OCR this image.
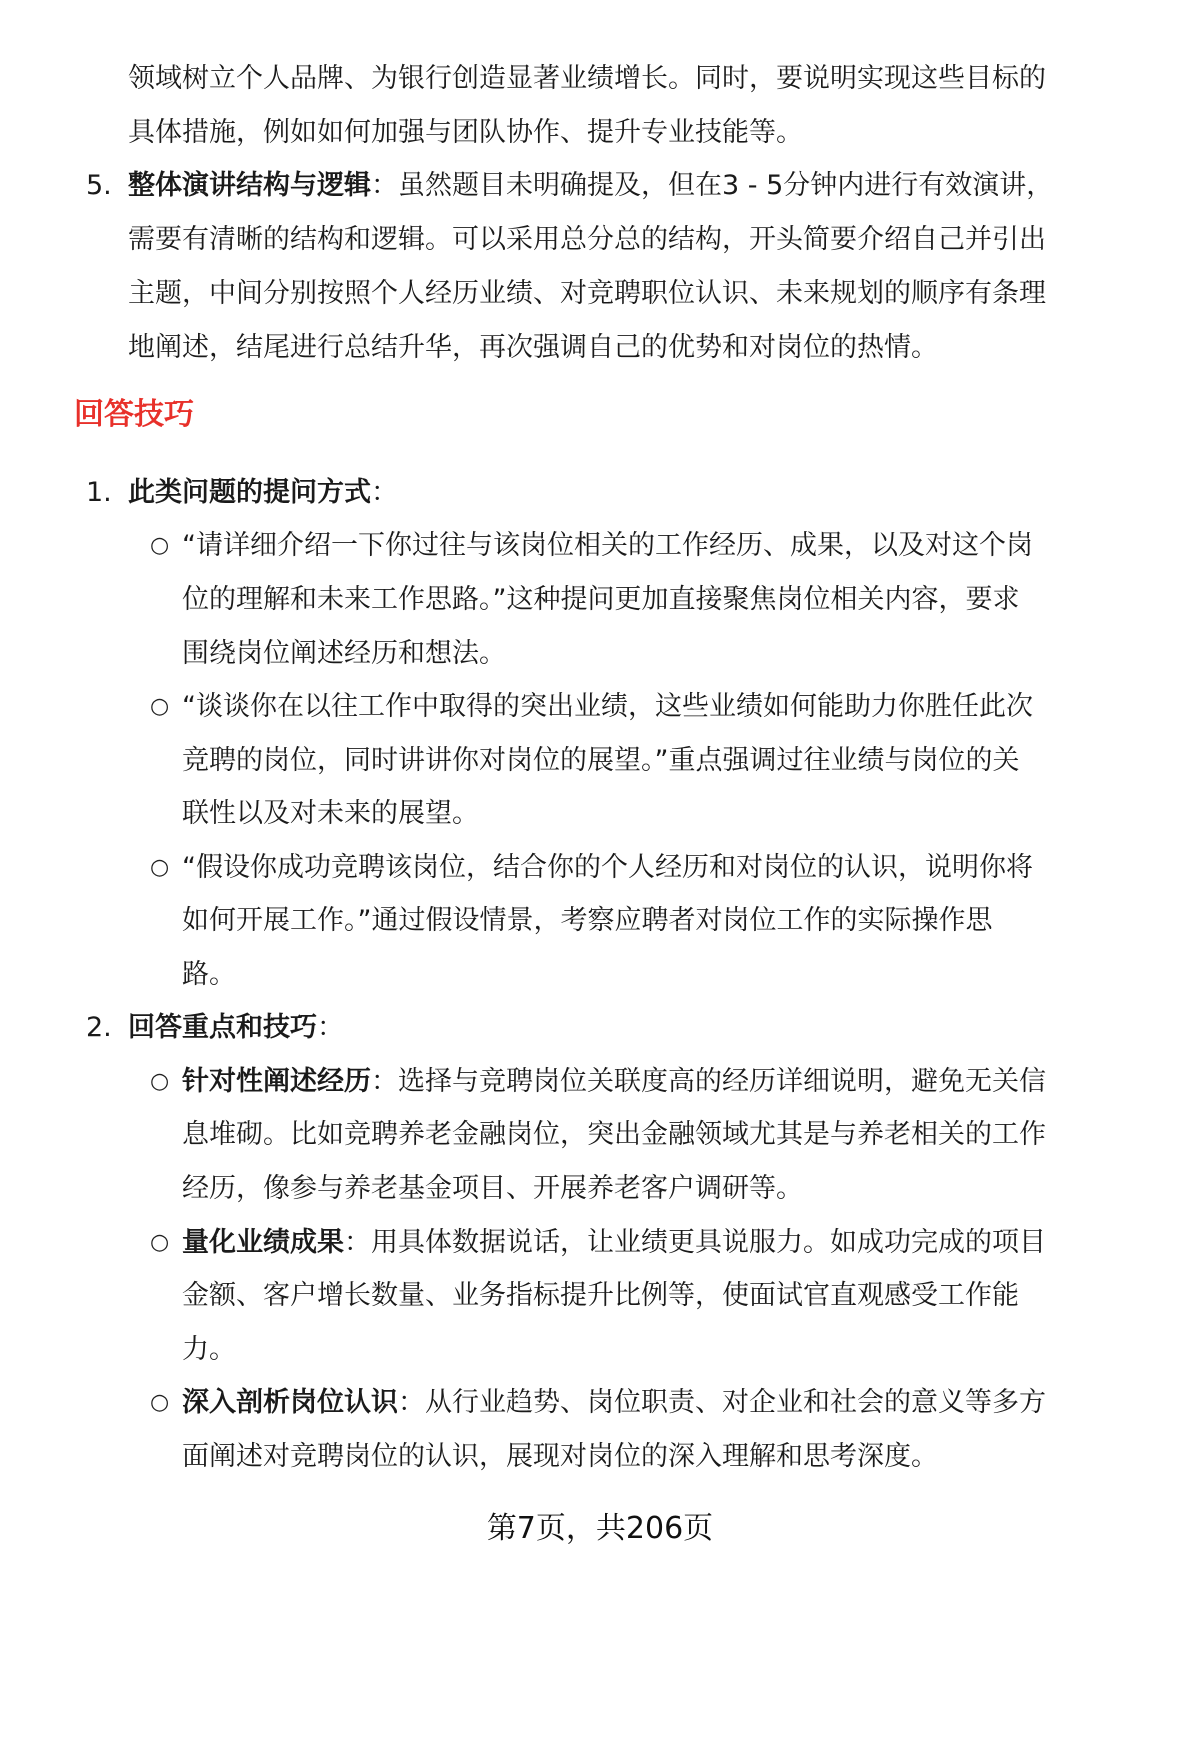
领域树立个人品牌、为银行创造显著业绩增长。同时，要说明实现这些目标的
具体措施，例如如何加强与团队协作、提升专业技能等。
5. 整体演讲结构与逻辑：虽然题目未明确提及，但在3 - 5分钟内进行有效演讲，
需要有清晰的结构和逻辑。可以采用总分总的结构，开头简要介绍自己并引出
主题，中间分别按照个人经历业绩、对竞聘职位认识、未来规划的顺序有条理
地阐述，结尾进行总结升华，再次强调自己的优势和对岗位的热情。
回答技巧
1. 此类问题的提问方式：
○ “请详细介绍一下你过往与该岗位相关的工作经历、成果，以及对这个岗
位的理解和未来工作思路。”这种提问更加直接聚焦岗位相关内容，要求
围绕岗位阐述经历和想法。
○ “谈谈你在以往工作中取得的突出业绩，这些业绩如何能助力你胜任此次
竞聘的岗位，同时讲讲你对岗位的展望。”重点强调过往业绩与岗位的关
联性以及对未来的展望。
○ “假设你成功竞聘该岗位，结合你的个人经历和对岗位的认识，说明你将
如何开展工作。”通过假设情景，考察应聘者对岗位工作的实际操作思
路。
2. 回答重点和技巧：
○ 针对性阐述经历：选择与竞聘岗位关联度高的经历详细说明，避免无关信
息堆砌。比如竞聘养老金融岗位，突出金融领域尤其是与养老相关的工作
经历，像参与养老基金项目、开展养老客户调研等。
○ 量化业绩成果：用具体数据说话，让业绩更具说服力。如成功完成的项目
金额、客户增长数量、业务指标提升比例等，使面试官直观感受工作能
力。
○ 深入剖析岗位认识：从行业趋势、岗位职责、对企业和社会的意义等多方
面阐述对竞聘岗位的认识，展现对岗位的深入理解和思考深度。
第7页，共206页
